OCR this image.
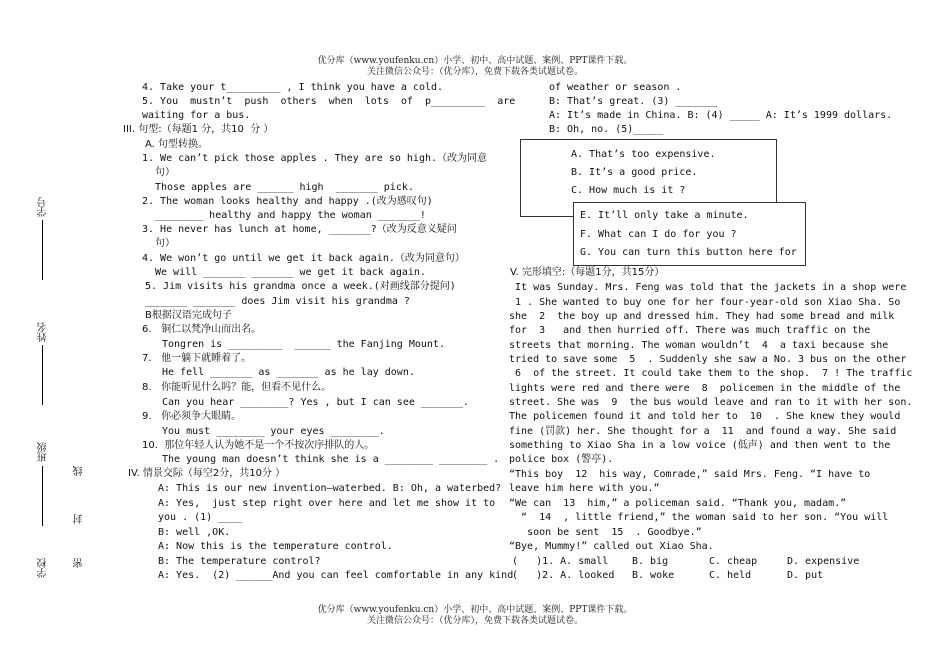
优分库（www.youfenku.cn）小学、初中、高中试题、案例、PPT课件下载。
关注微信公众号：（优分库），免费下载各类试题试卷。
学号
姓名
班级
学校
线
封
密
4. Take your t_________ , I think you have a cold.
5. You  mustn’t  push  others  when  lots  of  p_________  are
waiting for a bus.
III. 句型:（每题1 分，共10  分 ）
A. 句型转换。
1. We can’t pick those apples . They are so high.（改为同意
句）
Those apples are ______ high  _______ pick.
2. The woman looks healthy and happy .(改为感叹句)
________ healthy and happy the woman _______!
3. He never has lunch at home, _______?（改为反意义疑问
句）
4. We won’t go until we get it back again.（改为同意句）
We will _______ _______ we get it back again.
5. Jim visits his grandma once a week.(对画线部分提问)
_______ _______ does Jim visit his grandma ?
B根据汉语完成句子
6.   铜仁以梵净山而出名。
Tongren is _________  ______ the Fanjing Mount.
7.   他一躺下就睡着了。
He fell _______ as _______ as he lay down.
8.   你能听见什么吗？能，但看不见什么。
Can you hear ________? Yes , but I can see _______.
9.   你必须争大眼睛。
You must ________ your eyes ________.
10.  那位年轻人认为她不是一个不按次序排队的人。
The young man doesn’t think she is a ________ ________ .
IV. 情景交际（每空2分，共10分 ）
A: This is our new invention—waterbed. B: Oh, a waterbed?
A: Yes,  just step right over here and let me show it to
you . (1) ____
B: well ,OK.
A: Now this is the temperature control.
B: The temperature control?
A: Yes.  (2) ______And you can feel comfortable in any kind
of weather or season .
B: That’s great. (3) _______
A: It’s made in China. B: (4) _____ A: It’s 1999 dollars.
B: Oh, no. (5)_____
A. That’s too expensive.
B. It’s a good price.
C. How much is it ?
E. It’ll only take a minute.
F. What can I do for you ?
G. You can turn this button here for
V. 完形填空:（每题1分，共15分）
It was Sunday. Mrs. Feng was told that the jackets in a shop were
1 . She wanted to buy one for her four-year-old son Xiao Sha. So
she  2  the boy up and dressed him. They had some bread and milk
for  3   and then hurried off. There was much traffic on the
streets that morning. The woman wouldn’t  4  a taxi because she
tried to save some  5  . Suddenly she saw a No. 3 bus on the other
6  of the street. It could take them to the shop.  7 ! The traffic
lights were red and there were  8  policemen in the middle of the
street. She was  9  the bus would leave and ran to it with her son.
The policemen found it and told her to  10  . She knew they would
fine (罚款) her. She thought for a  11  and found a way. She said
something to Xiao Sha in a low voice (低声) and then went to the
police box (警亭).
“This boy  12  his way, Comrade,” said Mrs. Feng. “I have to
leave him here with you.”
“We can  13  him,” a policeman said. “Thank you, madam.”
“  14  , little friend,” the woman said to her son. “You will
soon be sent  15  . Goodbye.”
“Bye, Mummy!” called out Xiao Sha.
(   )1. A. small B. big	C. cheap	D. expensive
(   )2. A. looked B. woke	C. held	D. put
优分库（www.youfenku.cn）小学、初中、高中试题、案例、PPT课件下载。
关注微信公众号：（优分库），免费下载各类试题试卷。
